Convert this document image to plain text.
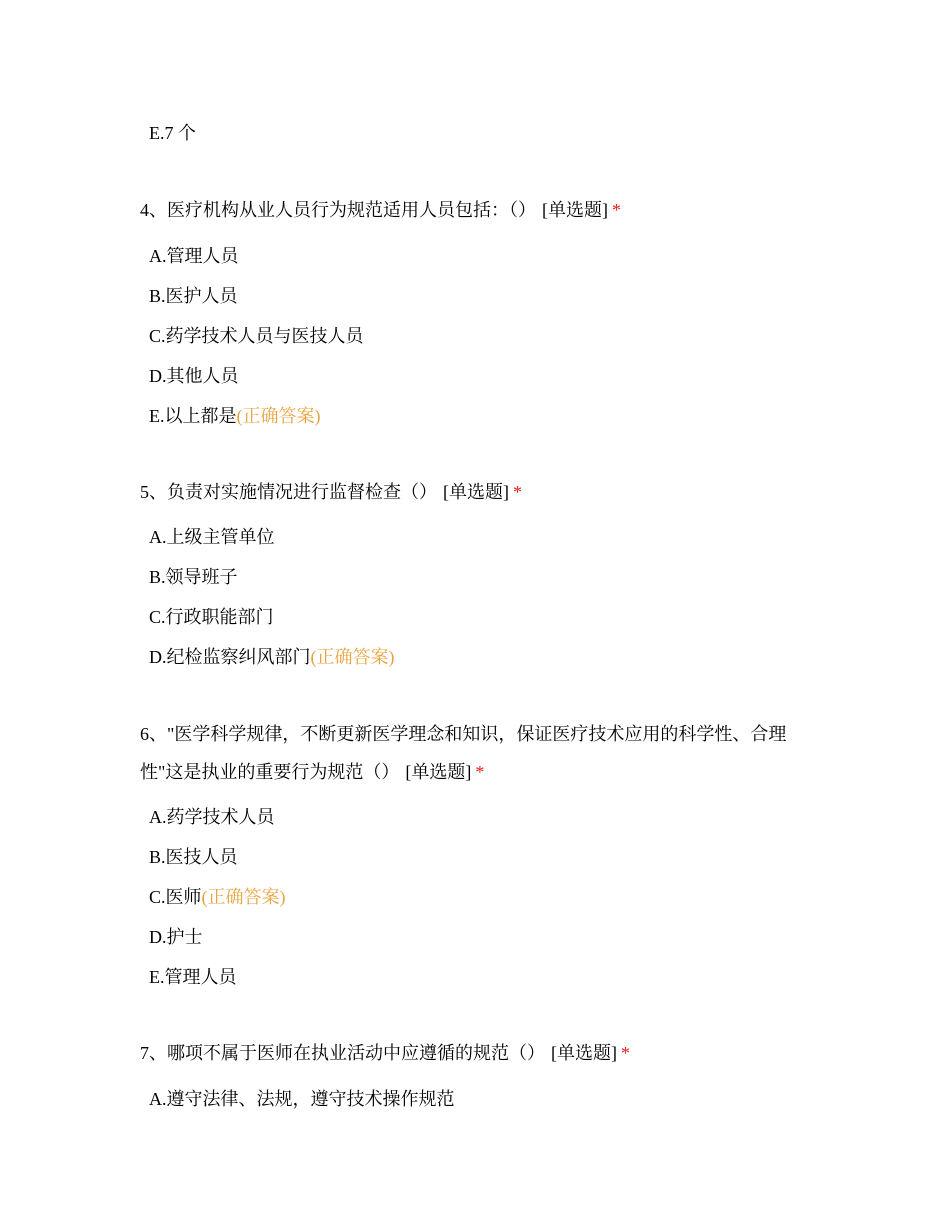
E.7 个
4、医疗机构从业人员行为规范适用人员包括：（） [单选题] *
A.管理人员
B.医护人员
C.药学技术人员与医技人员
D.其他人员
E.以上都是(正确答案)
5、负责对实施情况进行监督检查（） [单选题] *
A.上级主管单位
B.领导班子
C.行政职能部门
D.纪检监察纠风部门(正确答案)
6、"医学科学规律，不断更新医学理念和知识，保证医疗技术应用的科学性、合理性"这是执业的重要行为规范（） [单选题] *
A.药学技术人员
B.医技人员
C.医师(正确答案)
D.护士
E.管理人员
7、哪项不属于医师在执业活动中应遵循的规范（） [单选题] *
A.遵守法律、法规，遵守技术操作规范
